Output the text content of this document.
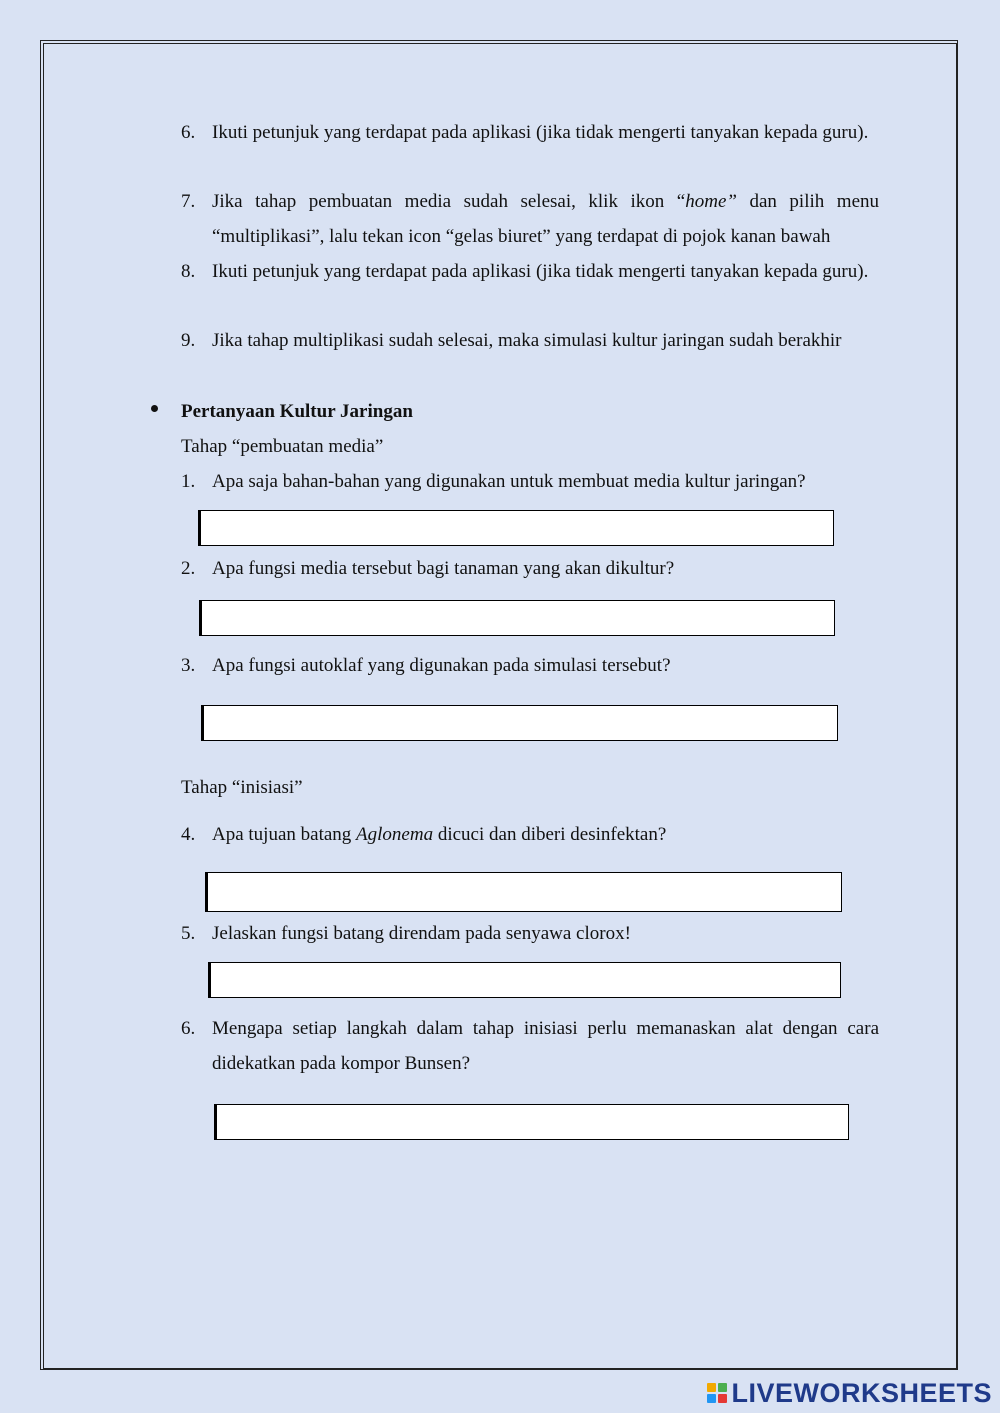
6. Ikuti petunjuk yang terdapat pada aplikasi (jika tidak mengerti tanyakan kepada guru).
7. Jika tahap pembuatan media sudah selesai, klik ikon “home” dan pilih menu “multiplikasi”, lalu tekan icon “gelas biuret” yang terdapat di pojok kanan bawah
8. Ikuti petunjuk yang terdapat pada aplikasi (jika tidak mengerti tanyakan kepada guru).
9. Jika tahap multiplikasi sudah selesai, maka simulasi kultur jaringan sudah berakhir
Pertanyaan Kultur Jaringan
Tahap “pembuatan media”
1. Apa saja bahan-bahan yang digunakan untuk membuat media kultur jaringan?
2. Apa fungsi media tersebut bagi tanaman yang akan dikultur?
3. Apa fungsi autoklaf yang digunakan pada simulasi tersebut?
Tahap “inisiasi”
4. Apa tujuan batang Aglonema dicuci dan diberi desinfektan?
5. Jelaskan fungsi batang direndam pada senyawa clorox!
6. Mengapa setiap langkah dalam tahap inisiasi perlu memanaskan alat dengan cara didekatkan pada kompor Bunsen?
LIVEWORKSHEETS
